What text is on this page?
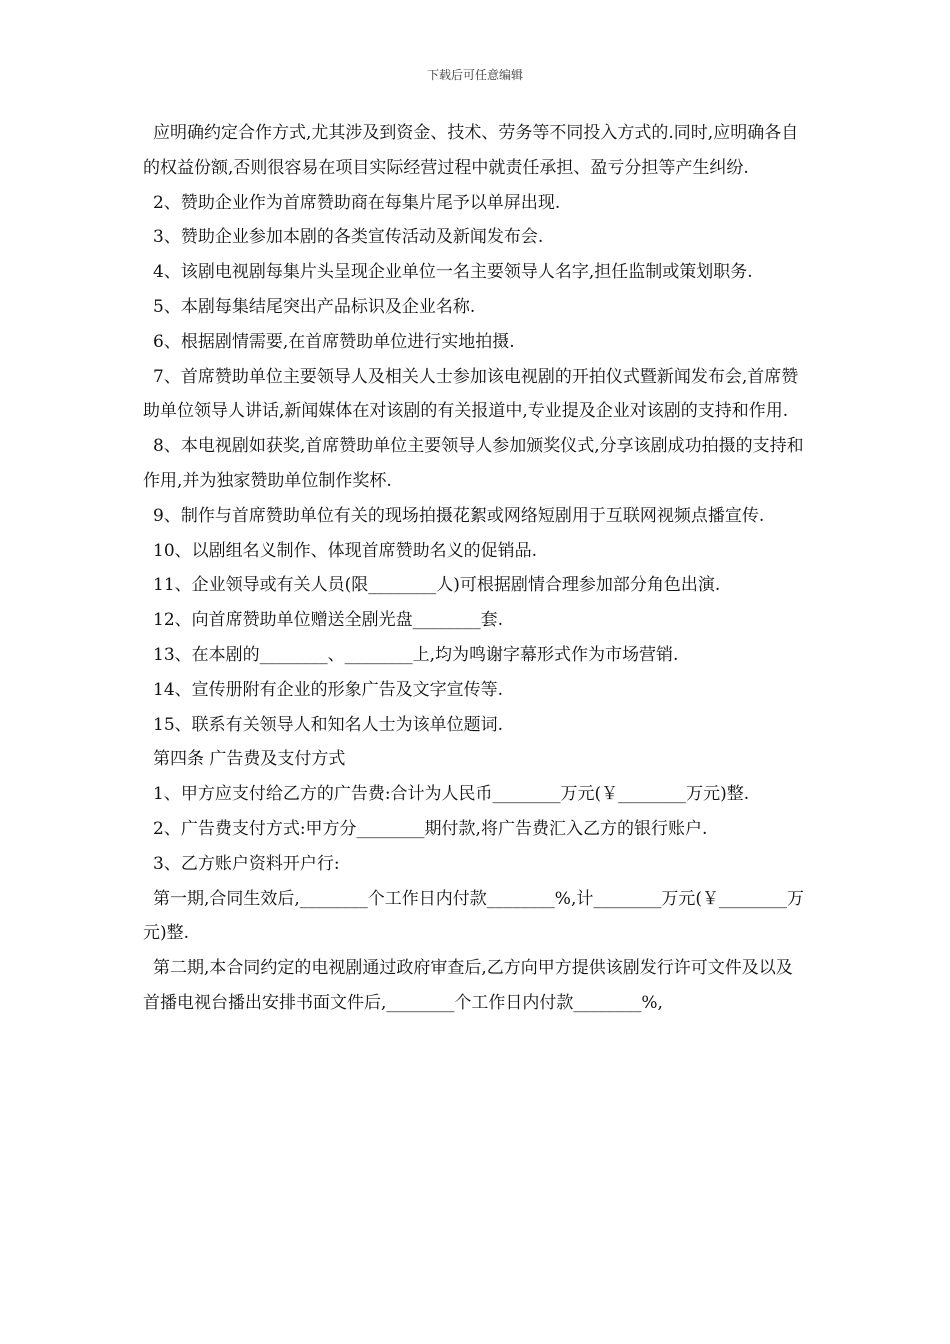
下载后可任意编辑

应明确约定合作方式,尤其涉及到资金、技术、劳务等不同投入方式的.同时,应明确各自的权益份额,否则很容易在项目实际经营过程中就责任承担、盈亏分担等产生纠纷.

2、赞助企业作为首席赞助商在每集片尾予以单屏出现.

3、赞助企业参加本剧的各类宣传活动及新闻发布会.

4、该剧电视剧每集片头呈现企业单位一名主要领导人名字,担任监制或策划职务.

5、本剧每集结尾突出产品标识及企业名称.

6、根据剧情需要,在首席赞助单位进行实地拍摄.

7、首席赞助单位主要领导人及相关人士参加该电视剧的开拍仪式暨新闻发布会,首席赞助单位领导人讲话,新闻媒体在对该剧的有关报道中,专业提及企业对该剧的支持和作用.

8、本电视剧如获奖,首席赞助单位主要领导人参加颁奖仪式,分享该剧成功拍摄的支持和作用,并为独家赞助单位制作奖杯.

9、制作与首席赞助单位有关的现场拍摄花絮或网络短剧用于互联网视频点播宣传.

10、以剧组名义制作、体现首席赞助名义的促销品.

11、企业领导或有关人员(限________人)可根据剧情合理参加部分角色出演.

12、向首席赞助单位赠送全剧光盘________套.

13、在本剧的________、________上,均为鸣谢字幕形式作为市场营销.

14、宣传册附有企业的形象广告及文字宣传等.

15、联系有关领导人和知名人士为该单位题词.

第四条 广告费及支付方式

1、甲方应支付给乙方的广告费:合计为人民币________万元(￥________万元)整.

2、广告费支付方式:甲方分________期付款,将广告费汇入乙方的银行账户.

3、乙方账户资料开户行:

第一期,合同生效后,________个工作日内付款________%,计________万元(￥________万元)整.

第二期,本合同约定的电视剧通过政府审查后,乙方向甲方提供该剧发行许可文件及以及首播电视台播出安排书面文件后,________个工作日内付款________%,
